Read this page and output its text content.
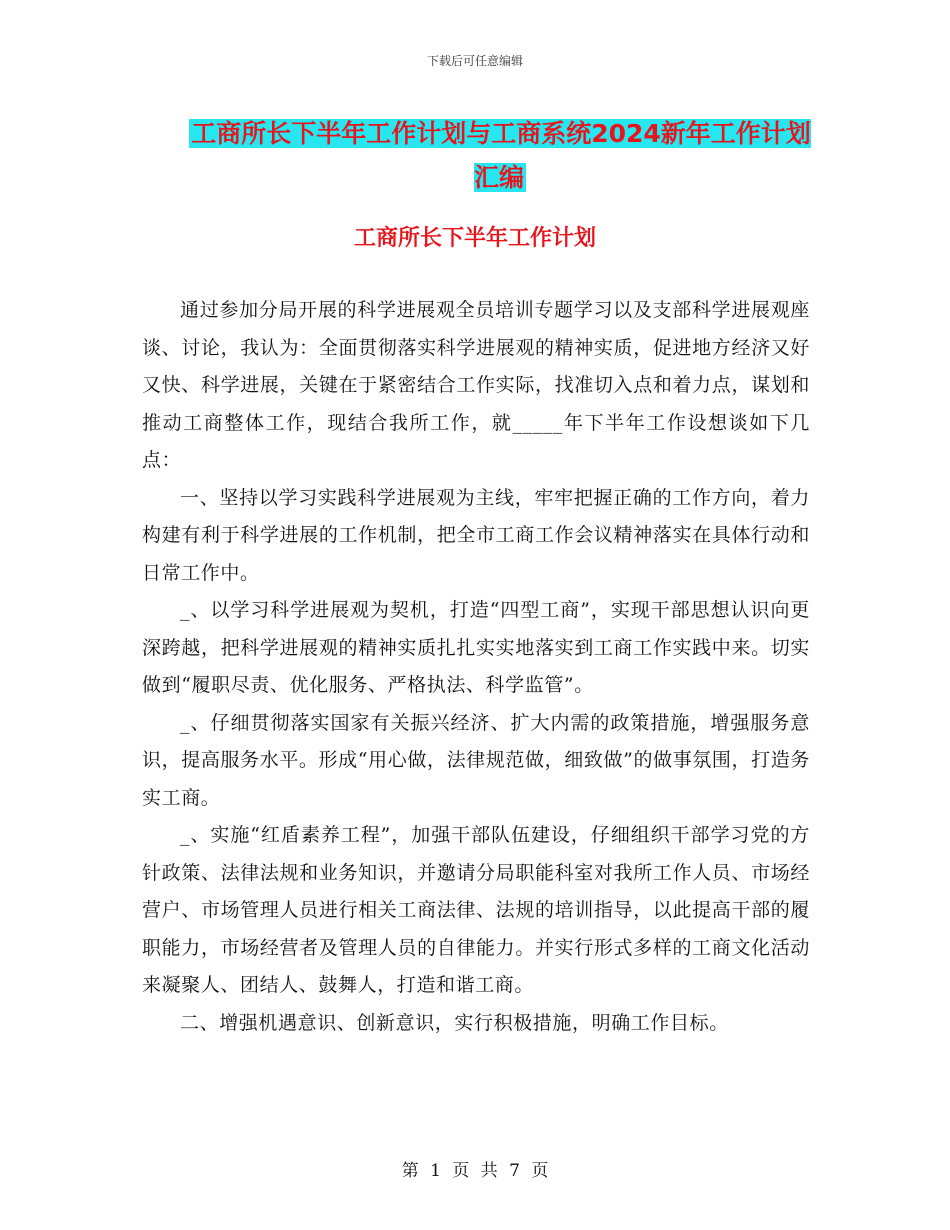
下载后可任意编辑
工商所长下半年工作计划与工商系统2024新年工作计划汇编
工商所长下半年工作计划

通过参加分局开展的科学进展观全员培训专题学习以及支部科学进展观座谈、讨论，我认为：全面贯彻落实科学进展观的精神实质，促进地方经济又好又快、科学进展，关键在于紧密结合工作实际，找准切入点和着力点，谋划和推动工商整体工作，现结合我所工作，就_____年下半年工作设想谈如下几点：

一、坚持以学习实践科学进展观为主线，牢牢把握正确的工作方向，着力构建有利于科学进展的工作机制，把全市工商工作会议精神落实在具体行动和日常工作中。

_、以学习科学进展观为契机，打造“四型工商”，实现干部思想认识向更深跨越，把科学进展观的精神实质扎扎实实地落实到工商工作实践中来。切实做到“履职尽责、优化服务、严格执法、科学监管”。

_、仔细贯彻落实国家有关振兴经济、扩大内需的政策措施，增强服务意识，提高服务水平。形成“用心做，法律规范做，细致做”的做事氛围，打造务实工商。

_、实施“红盾素养工程”，加强干部队伍建设，仔细组织干部学习党的方针政策、法律法规和业务知识，并邀请分局职能科室对我所工作人员、市场经营户、市场管理人员进行相关工商法律、法规的培训指导，以此提高干部的履职能力，市场经营者及管理人员的自律能力。并实行形式多样的工商文化活动来凝聚人、团结人、鼓舞人，打造和谐工商。

二、增强机遇意识、创新意识，实行积极措施，明确工作目标。

第 1 页 共 7 页
